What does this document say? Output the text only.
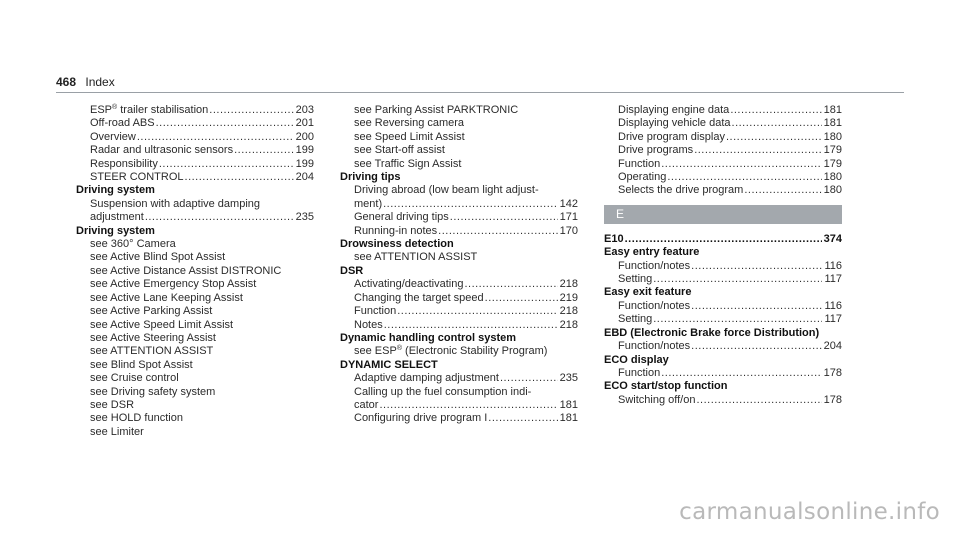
468 Index
ESP® trailer stabilisation .....	203
Off-road ABS .....	201
Overview .....	200
Radar and ultrasonic sensors .....	199
Responsibility .....	199
STEER CONTROL .....	204
Driving system
Suspension with adaptive damping
adjustment .....	235
Driving system
see 360° Camera
see Active Blind Spot Assist
see Active Distance Assist DISTRONIC
see Active Emergency Stop Assist
see Active Lane Keeping Assist
see Active Parking Assist
see Active Speed Limit Assist
see Active Steering Assist
see ATTENTION ASSIST
see Blind Spot Assist
see Cruise control
see Driving safety system
see DSR
see HOLD function
see Limiter
see Parking Assist PARKTRONIC
see Reversing camera
see Speed Limit Assist
see Start-off assist
see Traffic Sign Assist
Driving tips
Driving abroad (low beam light adjust-
ment) .....	142
General driving tips .....	171
Running-in notes .....	170
Drowsiness detection
see ATTENTION ASSIST
DSR
Activating/deactivating .....	218
Changing the target speed .....	219
Function .....	218
Notes .....	218
Dynamic handling control system
see ESP® (Electronic Stability Program)
DYNAMIC SELECT
Adaptive damping adjustment .....	235
Calling up the fuel consumption indi-
cator .....	181
Configuring drive program I .....	181
Displaying engine data .....	181
Displaying vehicle data .....	181
Drive program display .....	180
Drive programs .....	179
Function .....	179
Operating .....	180
Selects the drive program .....	180
E
E10 .....	374
Easy entry feature
Function/notes .....	116
Setting .....	117
Easy exit feature
Function/notes .....	116
Setting .....	117
EBD (Electronic Brake force Distribution)
Function/notes .....	204
ECO display
Function .....	178
ECO start/stop function
Switching off/on .....	178
carmanualsonline.info
